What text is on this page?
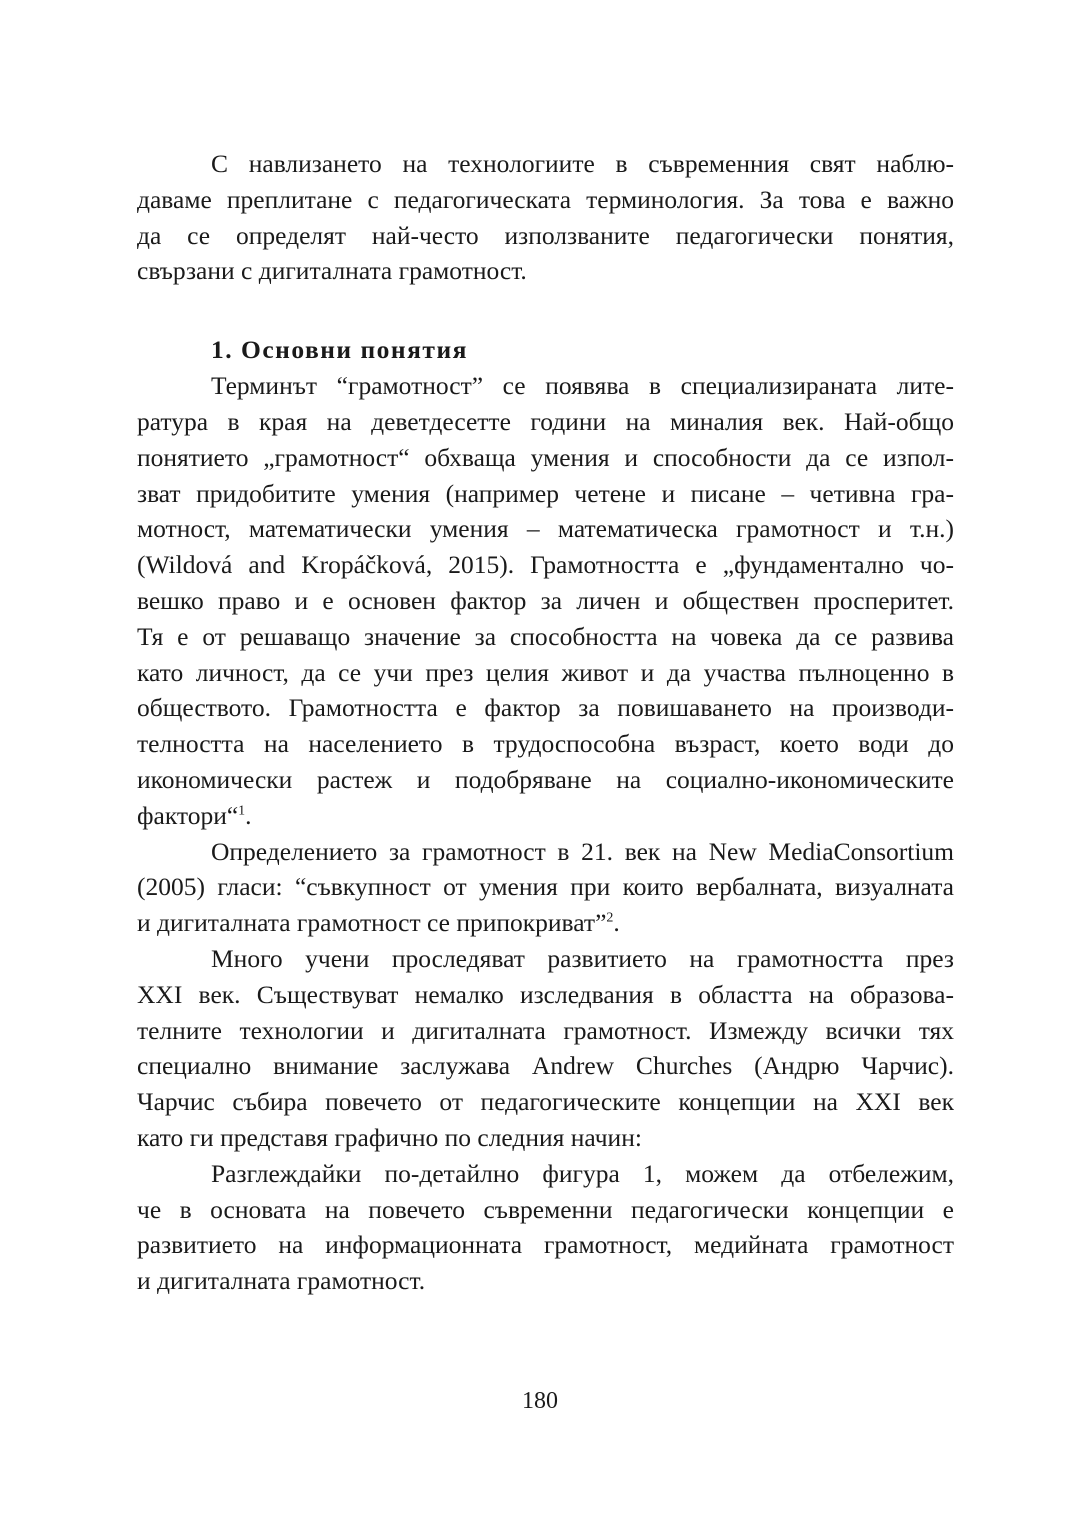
С навлизането на технологиите в съвременния свят наблю-
даваме преплитане с педагогическата терминология. За това е важно
да се определят най-често използваните педагогически понятия,
свързани с дигиталната грамотност.
1. Основни понятия
Терминът “грамотност” се появява в специализираната лите-
ратура в края на деветдесетте години на миналия век. Най-общо
понятието „грамотност“ обхваща умения и способности да се изпол-
зват придобитите умения (например четене и писане – четивна гра-
мотност, математически умения – математическа грамотност и т.н.)
(Wildová and Kropáčková, 2015). Грамотността е „фундаментално чо-
вешко право и е основен фактор за личен и обществен просперитет.
Тя е от решаващо значение за способността на човека да се развива
като личност, да се учи през целия живот и да участва пълноценно в
обществото. Грамотността е фактор за повишаването на производи-
телността на населението в трудоспособна възраст, което води до
икономически растеж и подобряване на социално-икономическите
фактори“$^1$.
Определението за грамотност в 21. век на New MediaConsortium
(2005) гласи: “съвкупност от умения при които вербалната, визуалната
и дигиталната грамотност се припокриват”$^2$.
Много учени проследяват развитието на грамотността през
XXI век. Съществуват немалко изследвания в областта на образова-
телните технологии и дигиталната грамотност. Измежду всички тях
специално внимание заслужава Andrew Churches (Андрю Чарчис).
Чарчис събира повечето от педагогическите концепции на XXI век
като ги представя графично по следния начин:
Разглеждайки по-детайлно фигура 1, можем да отбележим,
че в основата на повечето съвременни педагогически концепции е
развитието на информационната грамотност, медийната грамотност
и дигиталната грамотност.
180
